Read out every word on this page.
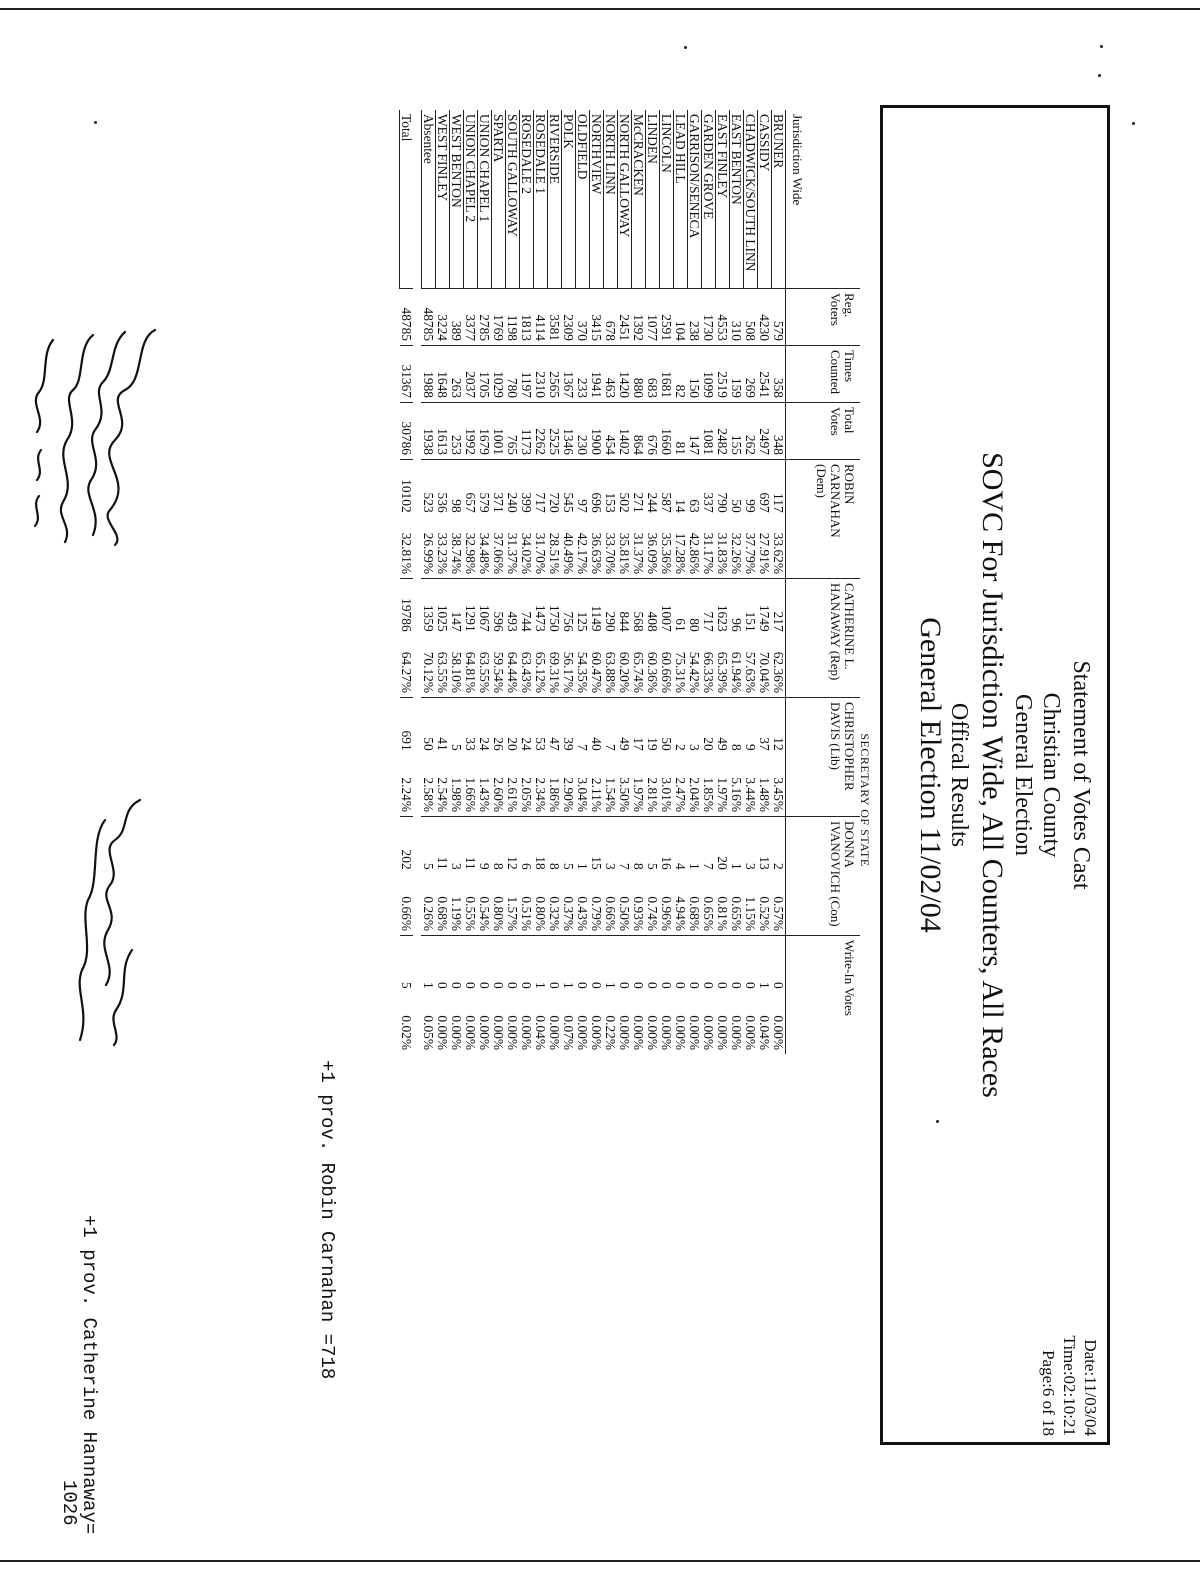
Statement of Votes Cast
Christian County
General Election
SOVC For Jurisdiction Wide, All Counters, All Races
Offical Results
General Election 11/02/04
Date:11/03/04
Time:02:10:21
Page:6 of 18
SECRETARY OF STATE
Jurisdiction Wide	Reg. Voters	Times Counted	Total Votes	ROBIN CARNAHAN (Dem)		CATHERINE L. HANAWAY (Rep)		CHRISTOPHER DAVIS (Lib)		DONNA IVANOVICH (Con)		Write-In Votes	
BRUNER	579	358	348	117	33.62%	217	62.36%	12	3.45%	2	0.57%	0	0.00%
CASSIDY	4230	2541	2497	697	27.91%	1749	70.04%	37	1.48%	13	0.52%	1	0.04%
CHADWICK/SOUTH LINN	508	269	262	99	37.79%	151	57.63%	9	3.44%	3	1.15%	0	0.00%
EAST BENTON	310	159	155	50	32.26%	96	61.94%	8	5.16%	1	0.65%	0	0.00%
EAST FINLEY	4553	2519	2482	790	31.83%	1623	65.39%	49	1.97%	20	0.81%	0	0.00%
GARDEN GROVE	1730	1099	1081	337	31.17%	717	66.33%	20	1.85%	7	0.65%	0	0.00%
GARRISON/SENECA	238	150	147	63	42.86%	80	54.42%	3	2.04%	1	0.68%	0	0.00%
LEAD HILL	104	82	81	14	17.28%	61	75.31%	2	2.47%	4	4.94%	0	0.00%
LINCOLN	2591	1681	1660	587	35.36%	1007	60.66%	50	3.01%	16	0.96%	0	0.00%
LINDEN	1077	683	676	244	36.09%	408	60.36%	19	2.81%	5	0.74%	0	0.00%
McCRACKEN	1392	880	864	271	31.37%	568	65.74%	17	1.97%	8	0.93%	0	0.00%
NORTH GALLOWAY	2451	1420	1402	502	35.81%	844	60.20%	49	3.50%	7	0.50%	0	0.00%
NORTH LINN	678	463	454	153	33.70%	290	63.88%	7	1.54%	3	0.66%	1	0.22%
NORTHVIEW	3415	1941	1900	696	36.63%	1149	60.47%	40	2.11%	15	0.79%	0	0.00%
OLDFIELD	370	233	230	97	42.17%	125	54.35%	7	3.04%	1	0.43%	0	0.00%
POLK	2309	1367	1346	545	40.49%	756	56.17%	39	2.90%	5	0.37%	1	0.07%
RIVERSIDE	3581	2565	2525	720	28.51%	1750	69.31%	47	1.86%	8	0.32%	0	0.00%
ROSEDALE 1	4114	2310	2262	717	31.70%	1473	65.12%	53	2.34%	18	0.80%	1	0.04%
ROSEDALE 2	1813	1197	1173	399	34.02%	744	63.43%	24	2.05%	6	0.51%	0	0.00%
SOUTH GALLOWAY	1198	780	765	240	31.37%	493	64.44%	20	2.61%	12	1.57%	0	0.00%
SPARTA	1769	1029	1001	371	37.06%	596	59.54%	26	2.60%	8	0.80%	0	0.00%
UNION CHAPEL 1	2785	1705	1679	579	34.48%	1067	63.55%	24	1.43%	9	0.54%	0	0.00%
UNION CHAPEL 2	3377	2037	1992	657	32.98%	1291	64.81%	33	1.66%	11	0.55%	0	0.00%
WEST BENTON	389	263	253	98	38.74%	147	58.10%	5	1.98%	3	1.19%	0	0.00%
WEST FINLEY	3224	1648	1613	536	33.23%	1025	63.55%	41	2.54%	11	0.68%	0	0.00%
Absentee	48785	1988	1938	523	26.99%	1359	70.12%	50	2.58%	5	0.26%	1	0.05%

Total	48785	31367	30786	10102	32.81%	19786	64.27%	691	2.24%	202	0.66%	5	0.02%
+1 prov. Robin Carnahan =718
+1 prov. Catherine Hannaway=
1026
